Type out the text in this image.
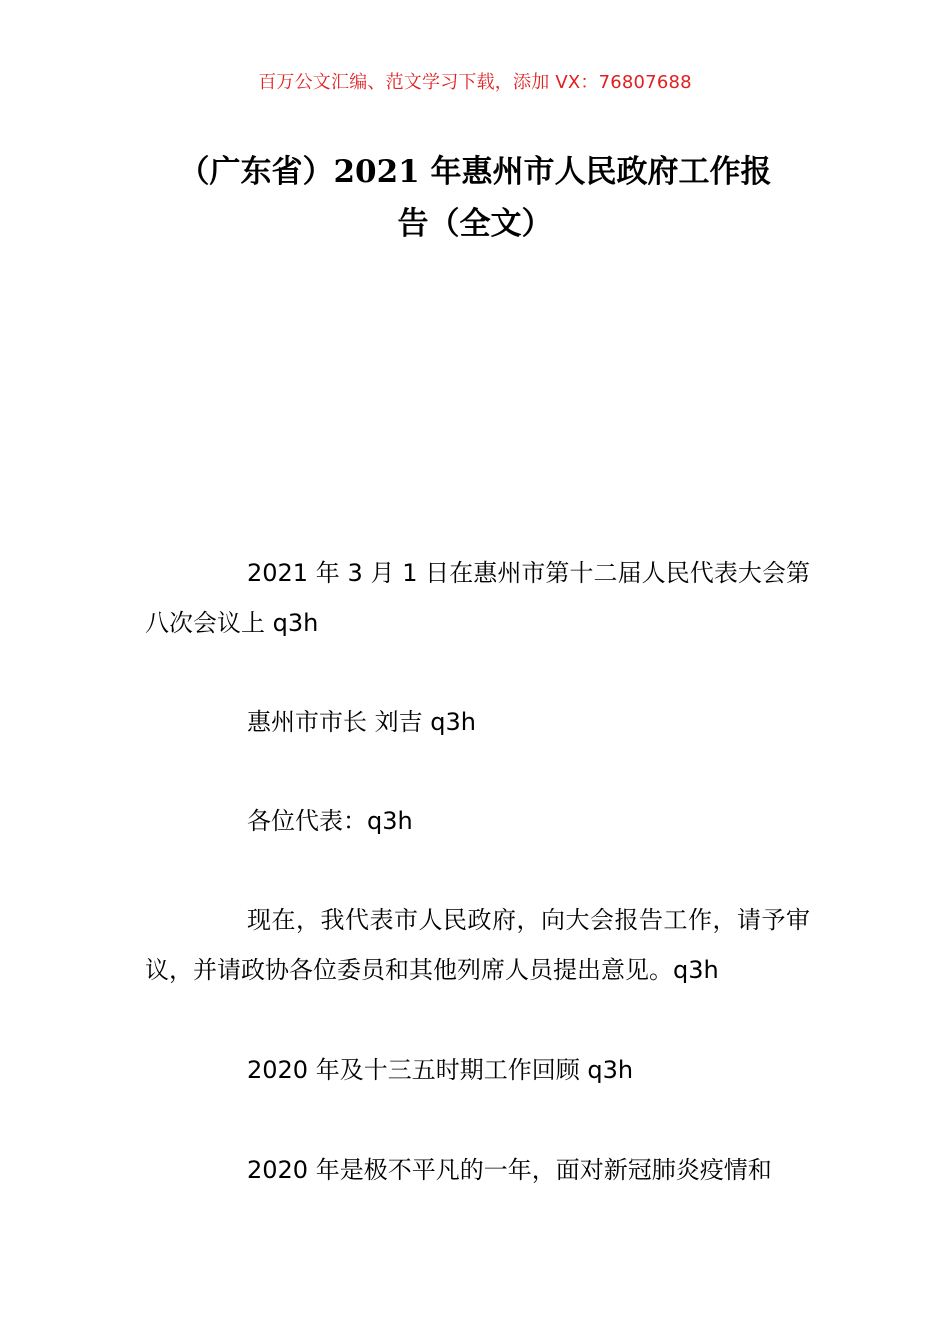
百万公文汇编、范文学习下载，添加 VX：76807688
（广东省）2021 年惠州市人民政府工作报
告（全文）
2021 年 3 月 1 日在惠州市第十二届人民代表大会第八次会议上 q3h
惠州市市长 刘吉 q3h
各位代表：q3h
现在，我代表市人民政府，向大会报告工作，请予审议，并请政协各位委员和其他列席人员提出意见。q3h
2020 年及十三五时期工作回顾 q3h
2020 年是极不平凡的一年，面对新冠肺炎疫情和
